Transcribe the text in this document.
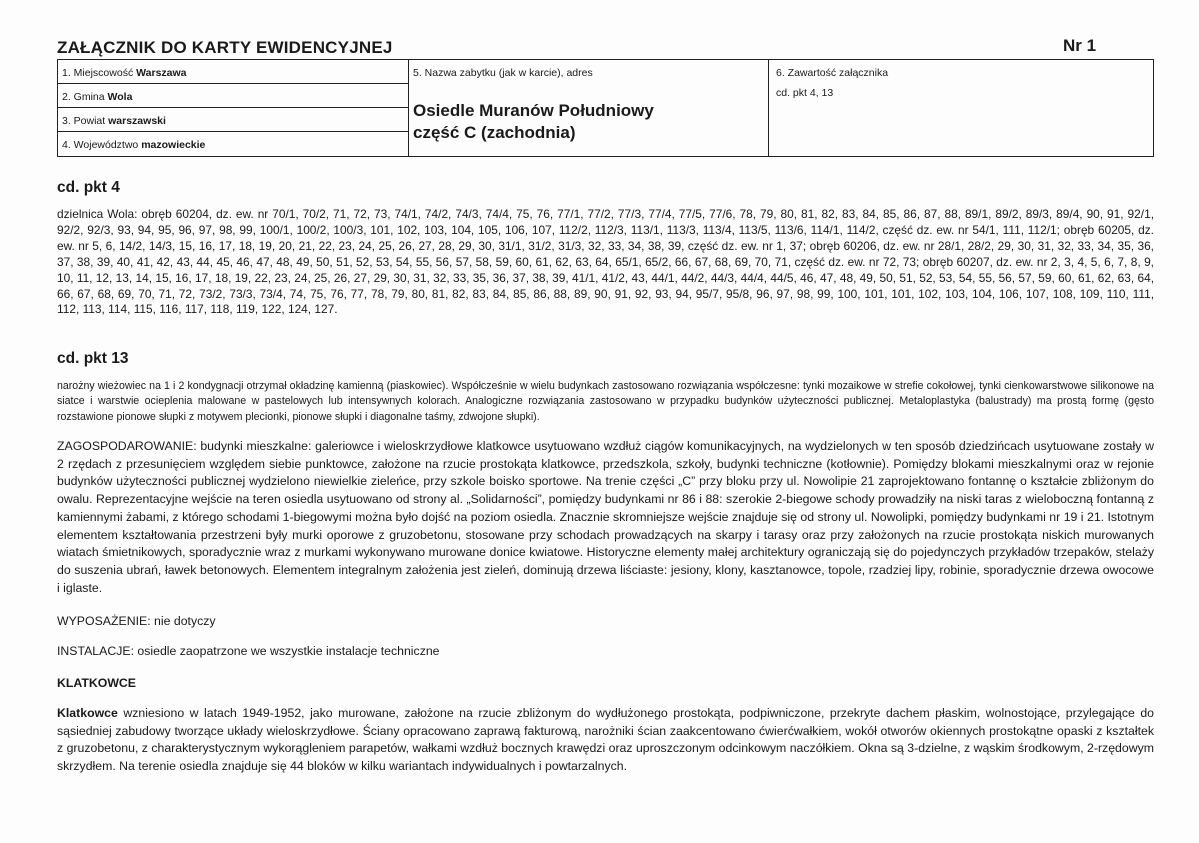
ZAŁĄCZNIK DO KARTY EWIDENCYJNEJ	Nr 1
1. Miejscowość Warszawa
2. Gmina Wola
3. Powiat warszawski
4. Województwo mazowieckie
5. Nazwa zabytku (jak w karcie), adres
Osiedle Muranów Południowy
część C (zachodnia)
6. Zawartość załącznika
cd. pkt 4, 13
cd. pkt 4
dzielnica Wola: obręb 60204, dz. ew. nr 70/1, 70/2, 71, 72, 73, 74/1, 74/2, 74/3, 74/4, 75, 76, 77/1, 77/2, 77/3, 77/4, 77/5, 77/6, 78, 79, 80, 81, 82, 83, 84, 85, 86, 87, 88, 89/1, 89/2, 89/3, 89/4, 90, 91, 92/1, 92/2, 92/3, 93, 94, 95, 96, 97, 98, 99, 100/1, 100/2, 100/3, 101, 102, 103, 104, 105, 106, 107, 112/2, 112/3, 113/1, 113/3, 113/4, 113/5, 113/6, 114/1, 114/2, część dz. ew. nr 54/1, 111, 112/1; obręb 60205, dz. ew. nr 5, 6, 14/2, 14/3, 15, 16, 17, 18, 19, 20, 21, 22, 23, 24, 25, 26, 27, 28, 29, 30, 31/1, 31/2, 31/3, 32, 33, 34, 38, 39, część dz. ew. nr 1, 37; obręb 60206, dz. ew. nr 28/1, 28/2, 29, 30, 31, 32, 33, 34, 35, 36, 37, 38, 39, 40, 41, 42, 43, 44, 45, 46, 47, 48, 49, 50, 51, 52, 53, 54, 55, 56, 57, 58, 59, 60, 61, 62, 63, 64, 65/1, 65/2, 66, 67, 68, 69, 70, 71, część dz. ew. nr 72, 73; obręb 60207, dz. ew. nr 2, 3, 4, 5, 6, 7, 8, 9, 10, 11, 12, 13, 14, 15, 16, 17, 18, 19, 22, 23, 24, 25, 26, 27, 29, 30, 31, 32, 33, 35, 36, 37, 38, 39, 41/1, 41/2, 43, 44/1, 44/2, 44/3, 44/4, 44/5, 46, 47, 48, 49, 50, 51, 52, 53, 54, 55, 56, 57, 59, 60, 61, 62, 63, 64, 66, 67, 68, 69, 70, 71, 72, 73/2, 73/3, 73/4, 74, 75, 76, 77, 78, 79, 80, 81, 82, 83, 84, 85, 86, 88, 89, 90, 91, 92, 93, 94, 95/7, 95/8, 96, 97, 98, 99, 100, 101, 101, 102, 103, 104, 106, 107, 108, 109, 110, 111, 112, 113, 114, 115, 116, 117, 118, 119, 122, 124, 127.
cd. pkt 13
narożny wieżowiec na 1 i 2 kondygnacji otrzymał okładzinę kamienną (piaskowiec). Współcześnie w wielu budynkach zastosowano rozwiązania współczesne: tynki mozaikowe w strefie cokołowej, tynki cienkowarstwowe silikonowe na siatce i warstwie ocieplenia malowane w pastelowych lub intensywnych kolorach. Analogiczne rozwiązania zastosowano w przypadku budynków użyteczności publicznej. Metaloplastyka (balustrady) ma prostą formę (gęsto rozstawione pionowe słupki z motywem plecionki, pionowe słupki i diagonalne taśmy, zdwojone słupki).
ZAGOSPODAROWANIE: budynki mieszkalne: galeriowce i wieloskrzydłowe klatkowce usytuowano wzdłuż ciągów komunikacyjnych, na wydzielonych w ten sposób dziedzińcach usytuowane zostały w 2 rzędach z przesunięciem względem siebie punktowce, założone na rzucie prostokąta klatkowce, przedszkola, szkoły, budynki techniczne (kotłownie). Pomiędzy blokami mieszkalnymi oraz w rejonie budynków użyteczności publicznej wydzielono niewielkie zieleńce, przy szkole boisko sportowe. Na trenie części „C” przy bloku przy ul. Nowolipie 21 zaprojektowano fontannę o kształcie zbliżonym do owalu. Reprezentacyjne wejście na teren osiedla usytuowano od strony al. „Solidarności”, pomiędzy budynkami nr 86 i 88: szerokie 2-biegowe schody prowadziły na niski taras z wieloboczną fontanną z kamiennymi żabami, z którego schodami 1-biegowymi można było dojść na poziom osiedla. Znacznie skromniejsze wejście znajduje się od strony ul. Nowolipki, pomiędzy budynkami nr 19 i 21. Istotnym elementem kształtowania przestrzeni były murki oporowe z gruzobetonu, stosowane przy schodach prowadzących na skarpy i tarasy oraz przy założonych na rzucie prostokąta niskich murowanych wiatach śmietnikowych, sporadycznie wraz z murkami wykonywano murowane donice kwiatowe. Historyczne elementy małej architektury ograniczają się do pojedynczych przykładów trzepaków, stelaży do suszenia ubrań, ławek betonowych. Elementem integralnym założenia jest zieleń, dominują drzewa liściaste: jesiony, klony, kasztanowce, topole, rzadziej lipy, robinie, sporadycznie drzewa owocowe i iglaste.
WYPOSAŻENIE: nie dotyczy
INSTALACJE: osiedle zaopatrzone we wszystkie instalacje techniczne
KLATKOWCE
Klatkowce wzniesiono w latach 1949-1952, jako murowane, założone na rzucie zbliżonym do wydłużonego prostokąta, podpiwniczone, przekryte dachem płaskim, wolnostojące, przylegające do sąsiedniej zabudowy tworzące układy wieloskrzydłowe. Ściany opracowano zaprawą fakturową, narożniki ścian zaakcentowano ćwierćwałkiem, wokół otworów okiennych prostokątne opaski z kształtek z gruzobetonu, z charakterystycznym wykorągleniem parapetów, wałkami wzdłuż bocznych krawędzi oraz uproszczonym odcinkowym naczółkiem. Okna są 3-dzielne, z wąskim środkowym, 2-rzędowym skrzydłem. Na terenie osiedla znajduje się 44 bloków w kilku wariantach indywidualnych i powtarzalnych.
